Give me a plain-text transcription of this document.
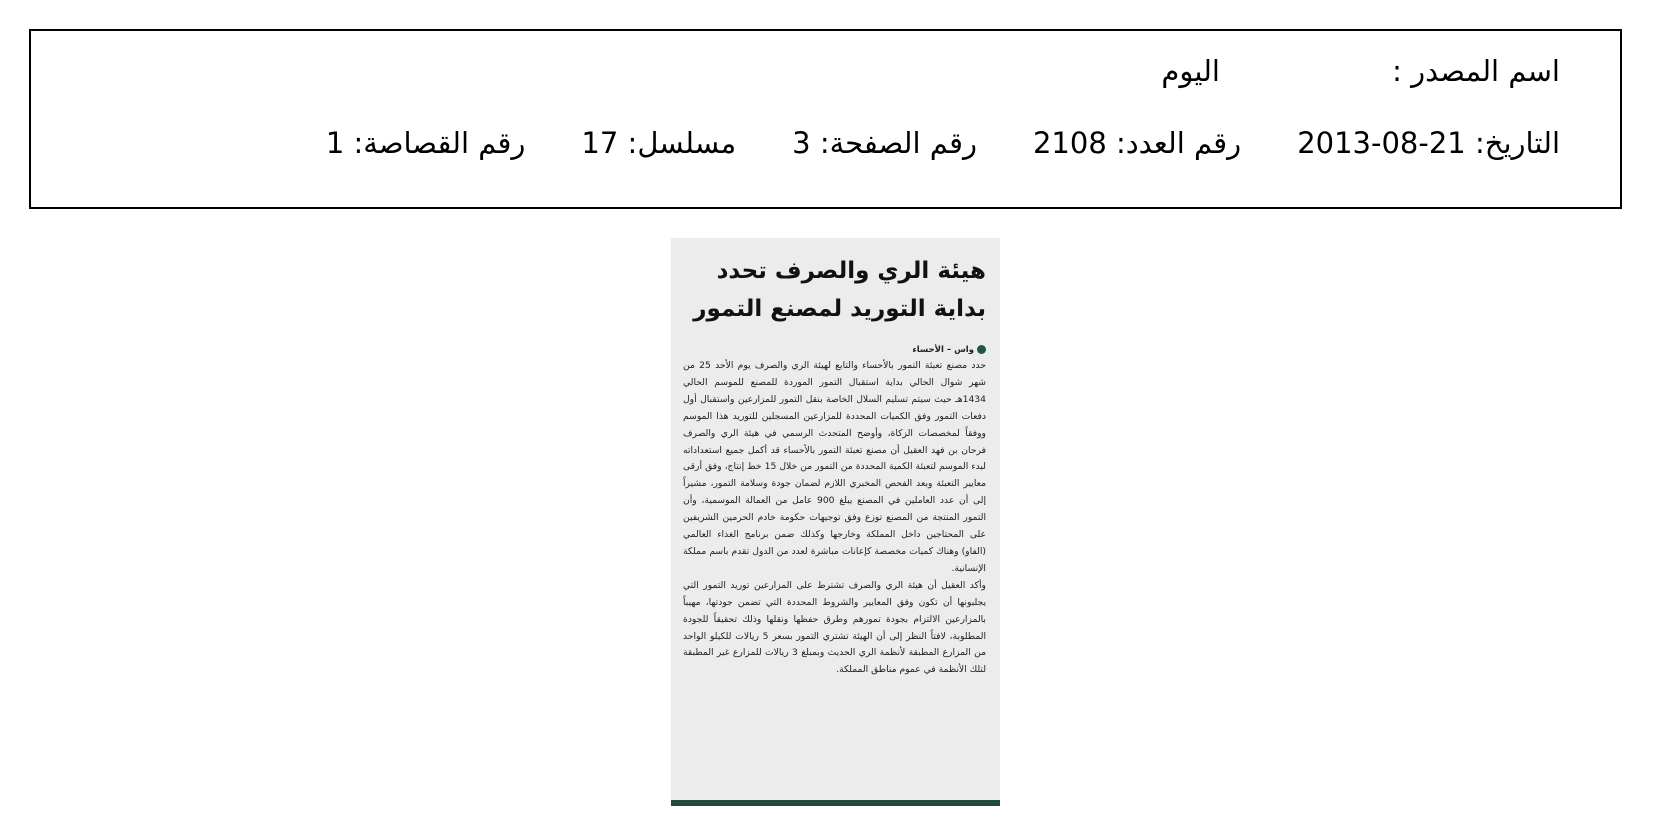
اسم المصدر :
اليوم
التاريخ: 2013-08-21
رقم العدد: 2108
رقم الصفحة: 3
مسلسل: 17
رقم القصاصة: 1
هيئة الري والصرف تحدد بداية التوريد لمصنع التمور
واس – الأحساء

حدد مصنع تعبئة التمور بالأحساء والتابع لهيئة الري والصرف يوم الأحد 25 من شهر شوال الحالي بداية استقبال التمور الموردة للمصنع للموسم الحالي 1434هـ حيث سيتم تسليم السلال الخاصة بنقل التمور للمزارعين واستقبال أول دفعات التمور وفق الكميات المحددة للمزارعين المسجلين للتوريد هذا الموسم ووفقاً لمخصصات الزكاة، وأوضح المتحدث الرسمي في هيئة الري والصرف فرحان بن فهد العقيل أن مصنع تعبئة التمور بالأحساء قد أكمل جميع استعداداته لبدء الموسم لتعبئة الكمية المحددة من التمور من خلال 15 خط إنتاج، وفق أرقى معايير التعبئة وبعد الفحص المخبري اللازم لضمان جودة وسلامة التمور، مشيراً إلى أن عدد العاملين في المصنع يبلغ 900 عامل من العمالة الموسمية، وأن التمور المنتجة من المصنع توزع وفق توجيهات حكومة خادم الحرمين الشريفين على المحتاجين داخل المملكة وخارجها وكذلك ضمن برنامج الغذاء العالمي (الفاو) وهناك كميات مخصصة كإعانات مباشرة لعدد من الدول تقدم باسم مملكة الإنسانية.

وأكد العقيل أن هيئة الري والصرف تشترط على المزارعين توريد التمور التي يجلبونها أن تكون وفق المعايير والشروط المحددة التي تضمن جودتها، مهيباً بالمزارعين الالتزام بجودة تمورهم وطرق حفظها ونقلها وذلك تحقيقاً للجودة المطلوبة، لافتاً النظر إلى أن الهيئة تشتري التمور بسعر 5 ريالات للكيلو الواحد من المزارع المطبقة لأنظمة الري الحديث وبمبلغ 3 ريالات للمزارع غير المطبقة لتلك الأنظمة في عموم مناطق المملكة.
